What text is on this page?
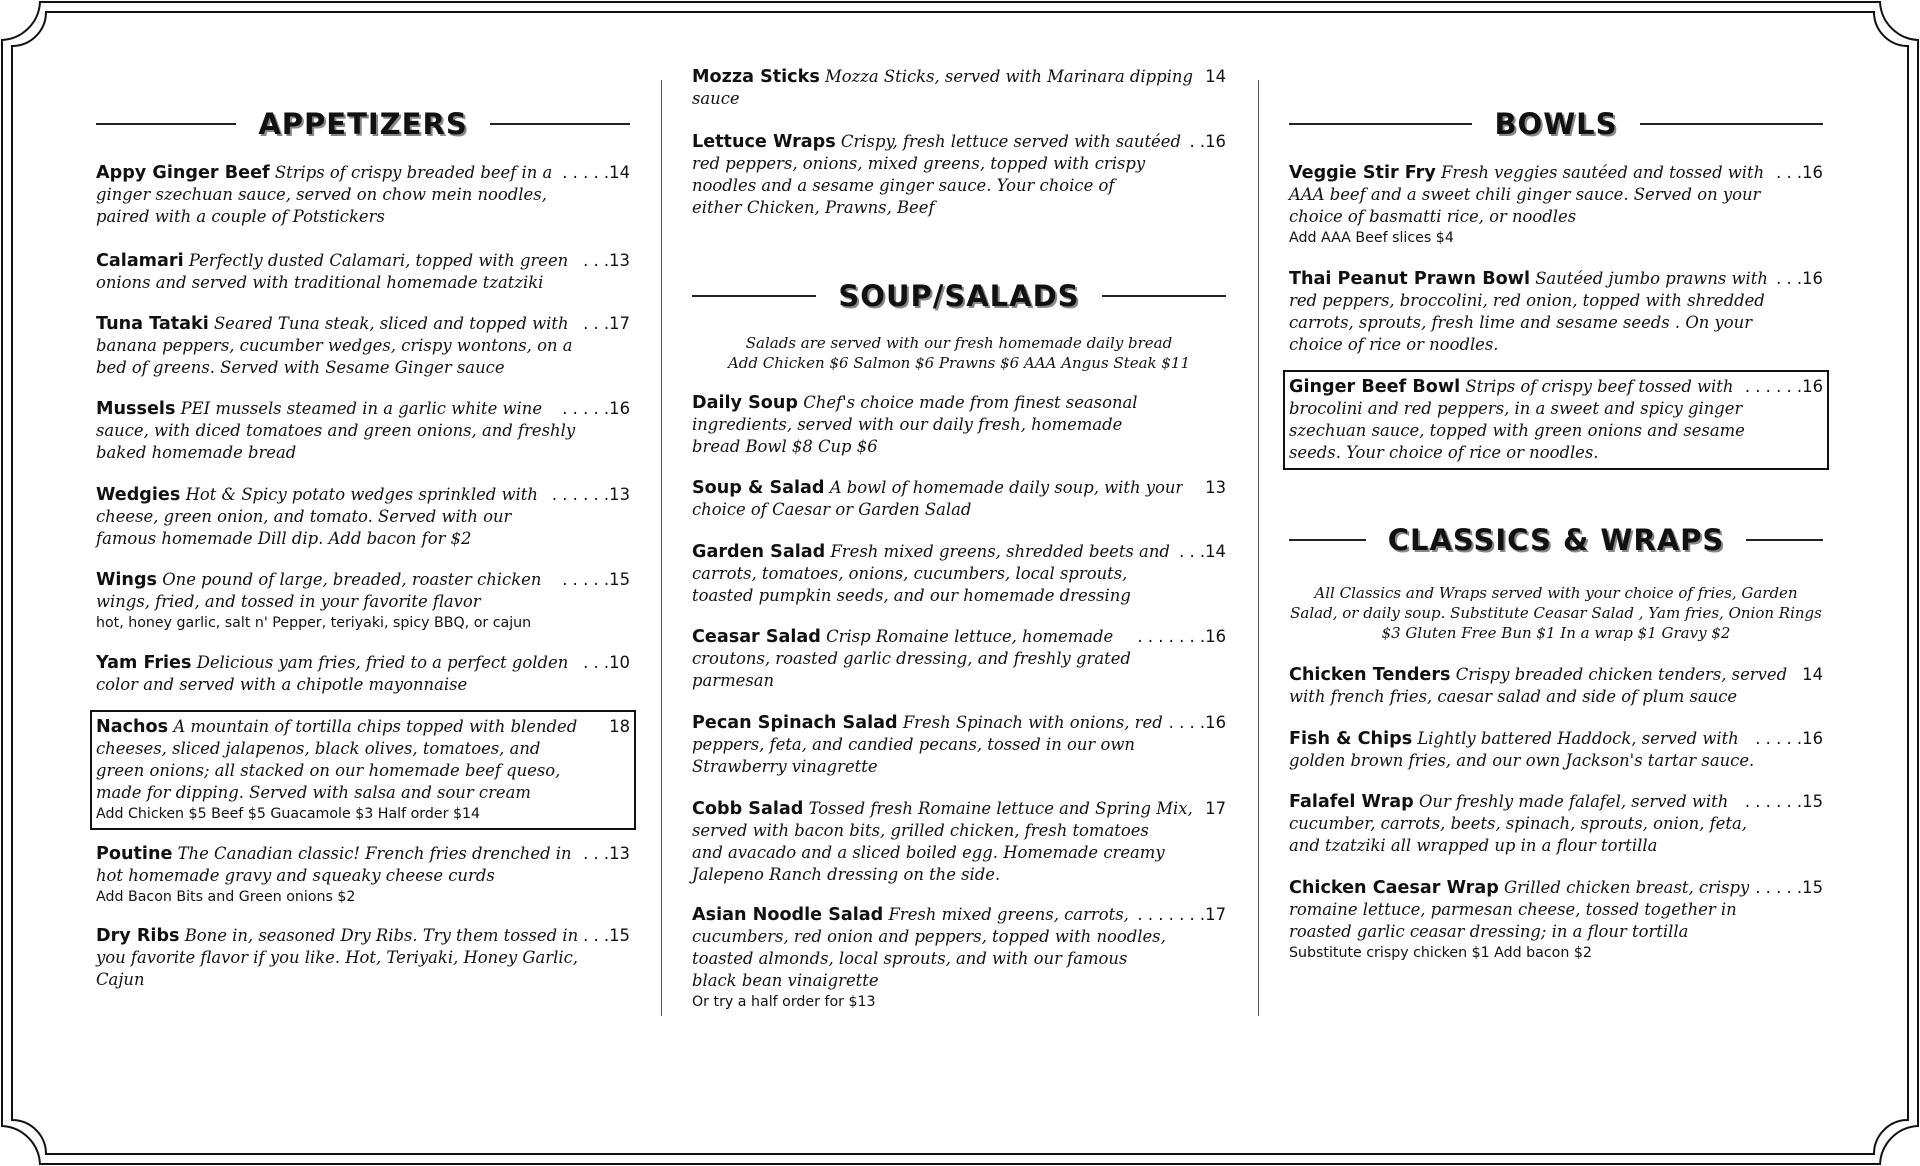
APPETIZERS
Appy Ginger Beef Strips of crispy breaded beef in a . . . . .14
ginger szechuan sauce, served on chow mein noodles,
paired with a couple of Potstickers
Calamari Perfectly dusted Calamari, topped with green . . .13
onions and served with traditional homemade tzatziki
Tuna Tataki Seared Tuna steak, sliced and topped with . . .17
banana peppers, cucumber wedges, crispy wontons, on a
bed of greens. Served with Sesame Ginger sauce
Mussels PEI mussels steamed in a garlic white wine . . . . .16
sauce, with diced tomatoes and green onions, and freshly
baked homemade bread
Wedgies Hot & Spicy potato wedges sprinkled with . . . . . .13
cheese, green onion, and tomato. Served with our
famous homemade Dill dip. Add bacon for $2
Wings One pound of large, breaded, roaster chicken . . . . .15
wings, fried, and tossed in your favorite flavor
hot, honey garlic, salt n' Pepper, teriyaki, spicy BBQ, or cajun
Yam Fries Delicious yam fries, fried to a perfect golden . . .10
color and served with a chipotle mayonnaise
Nachos A mountain of tortilla chips topped with blended 18
cheeses, sliced jalapenos, black olives, tomatoes, and
green onions; all stacked on our homemade beef queso,
made for dipping. Served with salsa and sour cream
Add Chicken $5 Beef $5 Guacamole $3 Half order $14
Poutine The Canadian classic! French fries drenched in . . .13
hot homemade gravy and squeaky cheese curds
Add Bacon Bits and Green onions $2
Dry Ribs Bone in, seasoned Dry Ribs. Try them tossed in . . .15
you favorite flavor if you like. Hot, Teriyaki, Honey Garlic,
Cajun
Mozza Sticks Mozza Sticks, served with Marinara dipping 14
sauce
Lettuce Wraps Crispy, fresh lettuce served with sautéed . .16
red peppers, onions, mixed greens, topped with crispy
noodles and a sesame ginger sauce. Your choice of
either Chicken, Prawns, Beef
SOUP/SALADS
Salads are served with our fresh homemade daily bread
Add Chicken $6 Salmon $6 Prawns $6 AAA Angus Steak $11
Daily Soup Chef's choice made from finest seasonal
ingredients, served with our daily fresh, homemade
bread Bowl $8 Cup $6
Soup & Salad A bowl of homemade daily soup, with your 13
choice of Caesar or Garden Salad
Garden Salad Fresh mixed greens, shredded beets and . . .14
carrots, tomatoes, onions, cucumbers, local sprouts,
toasted pumpkin seeds, and our homemade dressing
Ceasar Salad Crisp Romaine lettuce, homemade . . . . . . .16
croutons, roasted garlic dressing, and freshly grated
parmesan
Pecan Spinach Salad Fresh Spinach with onions, red . . . .16
peppers, feta, and candied pecans, tossed in our own
Strawberry vinagrette
Cobb Salad Tossed fresh Romaine lettuce and Spring Mix, 17
served with bacon bits, grilled chicken, fresh tomatoes
and avacado and a sliced boiled egg. Homemade creamy
Jalepeno Ranch dressing on the side.
Asian Noodle Salad Fresh mixed greens, carrots, . . . . . . .17
cucumbers, red onion and peppers, topped with noodles,
toasted almonds, local sprouts, and with our famous
black bean vinaigrette
Or try a half order for $13
BOWLS
Veggie Stir Fry Fresh veggies sautéed and tossed with . . .16
AAA beef and a sweet chili ginger sauce. Served on your
choice of basmatti rice, or noodles
Add AAA Beef slices $4
Thai Peanut Prawn Bowl Sautéed jumbo prawns with . . .16
red peppers, broccolini, red onion, topped with shredded
carrots, sprouts, fresh lime and sesame seeds . On your
choice of rice or noodles.
Ginger Beef Bowl Strips of crispy beef tossed with . . . . . .16
brocolini and red peppers, in a sweet and spicy ginger
szechuan sauce, topped with green onions and sesame
seeds. Your choice of rice or noodles.
CLASSICS & WRAPS
All Classics and Wraps served with your choice of fries, Garden
Salad, or daily soup. Substitute Ceasar Salad , Yam fries, Onion Rings
$3 Gluten Free Bun $1 In a wrap $1 Gravy $2
Chicken Tenders Crispy breaded chicken tenders, served 14
with french fries, caesar salad and side of plum sauce
Fish & Chips Lightly battered Haddock, served with . . . . .16
golden brown fries, and our own Jackson's tartar sauce.
Falafel Wrap Our freshly made falafel, served with . . . . . .15
cucumber, carrots, beets, spinach, sprouts, onion, feta,
and tzatziki all wrapped up in a flour tortilla
Chicken Caesar Wrap Grilled chicken breast, crispy . . . . .15
romaine lettuce, parmesan cheese, tossed together in
roasted garlic ceasar dressing; in a flour tortilla
Substitute crispy chicken $1 Add bacon $2
